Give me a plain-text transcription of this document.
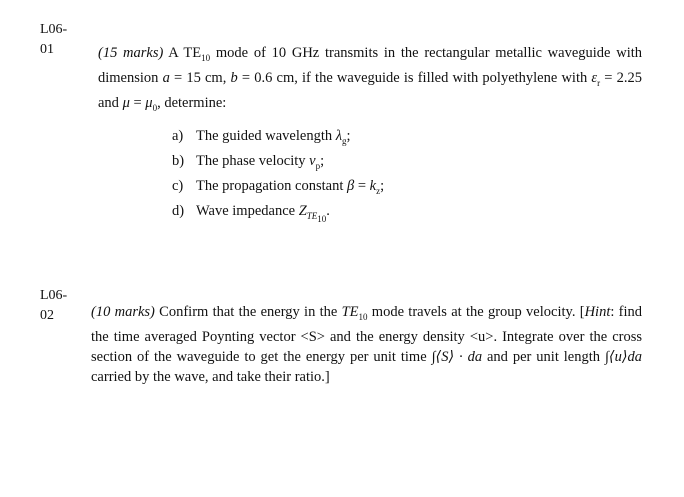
L06-
01	(15 marks) A $TE_{10}$ mode of 10 GHz transmits in the rectangular metallic waveguide with dimension a = 15 cm, b = 0.6 cm, if the waveguide is filled with polyethylene with $\varepsilon_r = 2.25$ and $\mu = \mu_0$, determine:
a) The guided wavelength $\lambda_g$;
b) The phase velocity $v_p$;
c) The propagation constant $\beta = k_z$;
d) Wave impedance $Z_{TE_{10}}$.
L06-
02	(10 marks) Confirm that the energy in the $TE_{10}$ mode travels at the group velocity. [Hint: find the time averaged Poynting vector <S> and the energy density <u>. Integrate over the cross section of the waveguide to get the energy per unit time ∫⟨S⟩ · da and per unit length ∫⟨u⟩da carried by the wave, and take their ratio.]
